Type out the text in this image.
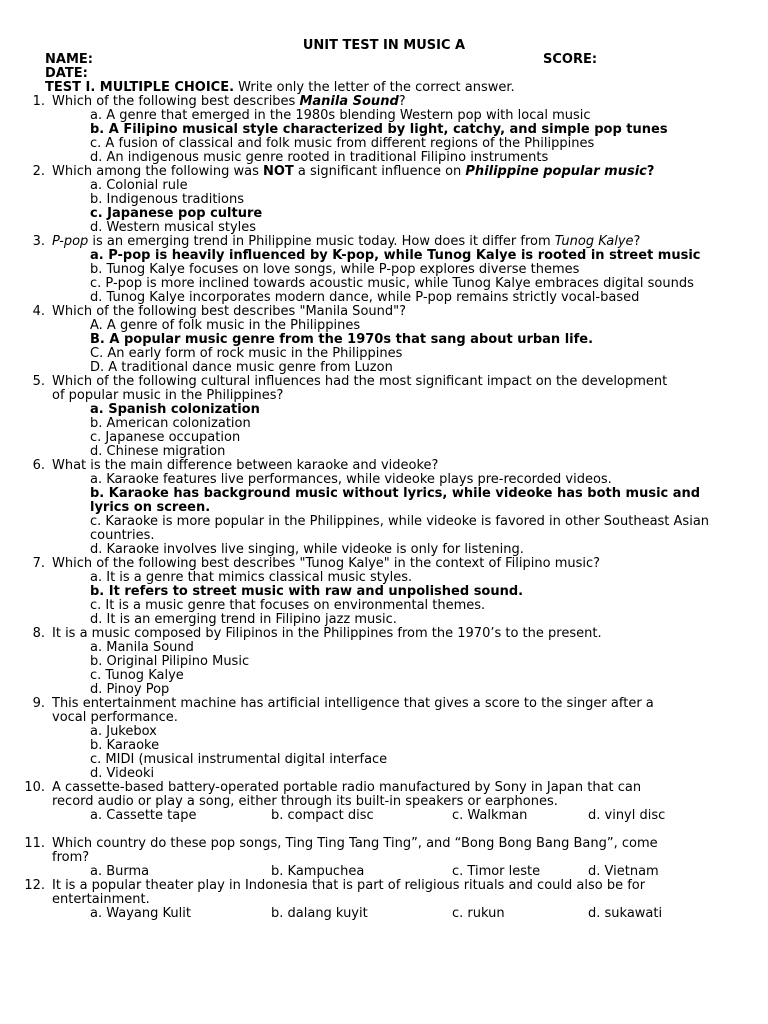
UNIT TEST IN MUSIC A
NAME:	SCORE:
DATE:
TEST I. MULTIPLE CHOICE. Write only the letter of the correct answer.
1. Which of the following best describes Manila Sound?
a. A genre that emerged in the 1980s blending Western pop with local music
b. A Filipino musical style characterized by light, catchy, and simple pop tunes
c. A fusion of classical and folk music from different regions of the Philippines
d. An indigenous music genre rooted in traditional Filipino instruments
2. Which among the following was NOT a significant influence on Philippine popular music?
a. Colonial rule
b. Indigenous traditions
c. Japanese pop culture
d. Western musical styles
3. P-pop is an emerging trend in Philippine music today. How does it differ from Tunog Kalye?
a. P-pop is heavily influenced by K-pop, while Tunog Kalye is rooted in street music
b. Tunog Kalye focuses on love songs, while P-pop explores diverse themes
c. P-pop is more inclined towards acoustic music, while Tunog Kalye embraces digital sounds
d. Tunog Kalye incorporates modern dance, while P-pop remains strictly vocal-based
4. Which of the following best describes "Manila Sound"?
A. A genre of folk music in the Philippines
B. A popular music genre from the 1970s that sang about urban life.
C. An early form of rock music in the Philippines
D. A traditional dance music genre from Luzon
5. Which of the following cultural influences had the most significant impact on the development of popular music in the Philippines?
a. Spanish colonization
b. American colonization
c. Japanese occupation
d. Chinese migration
6. What is the main difference between karaoke and videoke?
a. Karaoke features live performances, while videoke plays pre-recorded videos.
b. Karaoke has background music without lyrics, while videoke has both music and lyrics on screen.
c. Karaoke is more popular in the Philippines, while videoke is favored in other Southeast Asian countries.
d. Karaoke involves live singing, while videoke is only for listening.
7. Which of the following best describes "Tunog Kalye" in the context of Filipino music?
a. It is a genre that mimics classical music styles.
b. It refers to street music with raw and unpolished sound.
c. It is a music genre that focuses on environmental themes.
d. It is an emerging trend in Filipino jazz music.
8. It is a music composed by Filipinos in the Philippines from the 1970’s to the present.
a. Manila Sound
b. Original Pilipino Music
c. Tunog Kalye
d. Pinoy Pop
9. This entertainment machine has artificial intelligence that gives a score to the singer after a vocal performance.
a. Jukebox
b. Karaoke
c. MIDI (musical instrumental digital interface
d. Videoki
10. A cassette-based battery-operated portable radio manufactured by Sony in Japan that can record audio or play a song, either through its built-in speakers or earphones.
a. Cassette tape	b. compact disc	c. Walkman	d. vinyl disc
11. Which country do these pop songs, Ting Ting Tang Ting”, and “Bong Bong Bang Bang”, come from?
a. Burma	b. Kampuchea	c. Timor leste	d. Vietnam
12. It is a popular theater play in Indonesia that is part of religious rituals and could also be for entertainment.
a. Wayang Kulit	b. dalang kuyit	c. rukun	d. sukawati
